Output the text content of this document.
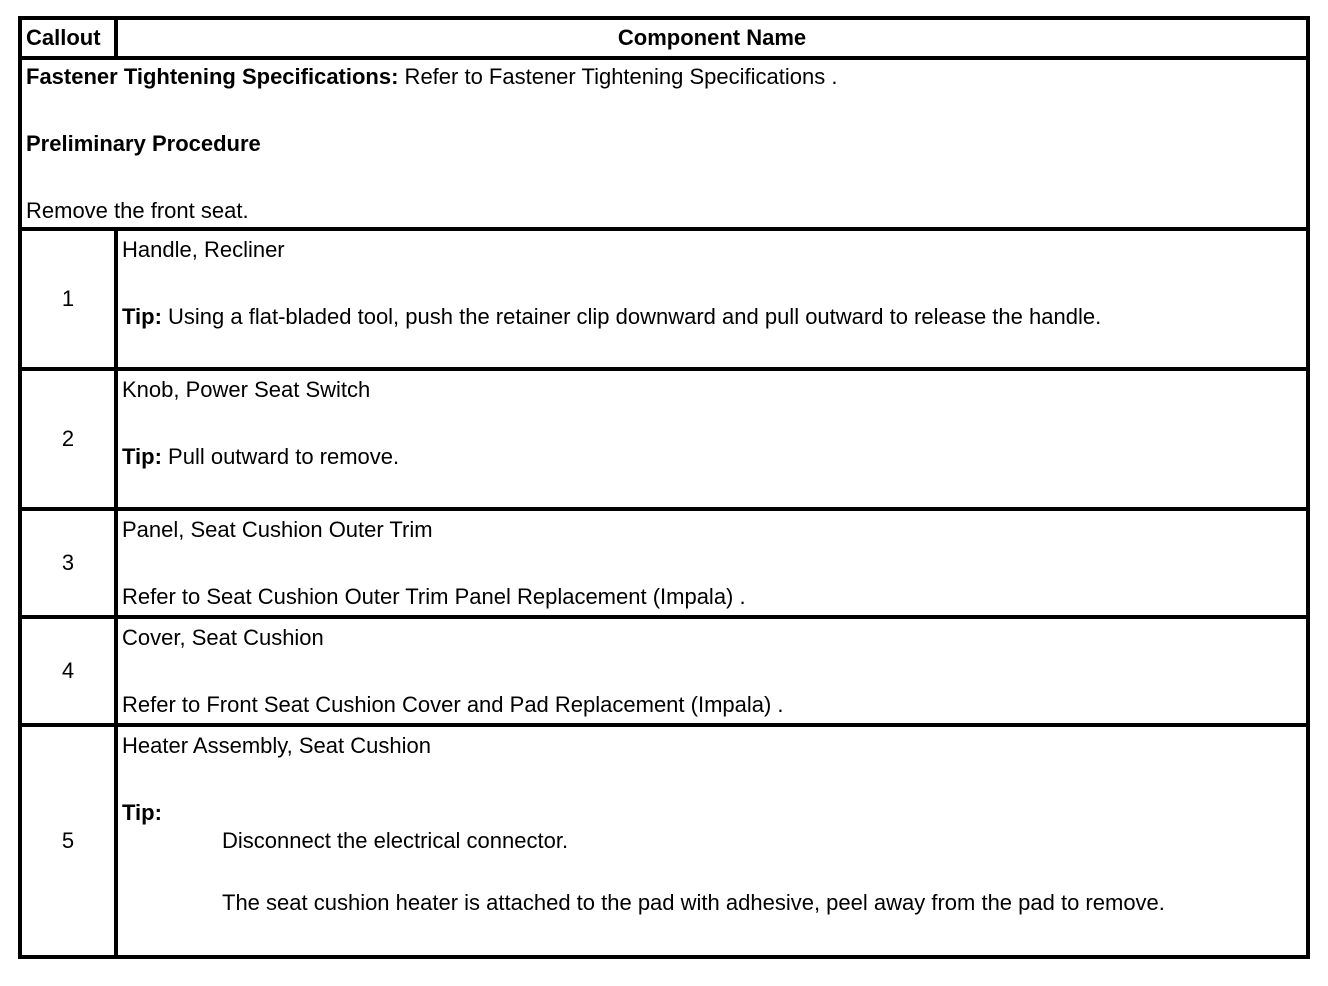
Callout	Component Name

Fastener Tightening Specifications: Refer to Fastener Tightening Specifications .
Preliminary Procedure
Remove the front seat.	

1	Handle, Recliner
Tip: Using a flat-bladed tool, push the retainer clip downward and pull outward to release the handle.

2	Knob, Power Seat Switch
Tip: Pull outward to remove.

3	Panel, Seat Cushion Outer Trim
Refer to Seat Cushion Outer Trim Panel Replacement (Impala) .

4	Cover, Seat Cushion
Refer to Front Seat Cushion Cover and Pad Replacement (Impala) .

5	Heater Assembly, Seat Cushion
Tip:
Disconnect the electrical connector.
The seat cushion heater is attached to the pad with adhesive, peel away from the pad to remove.
